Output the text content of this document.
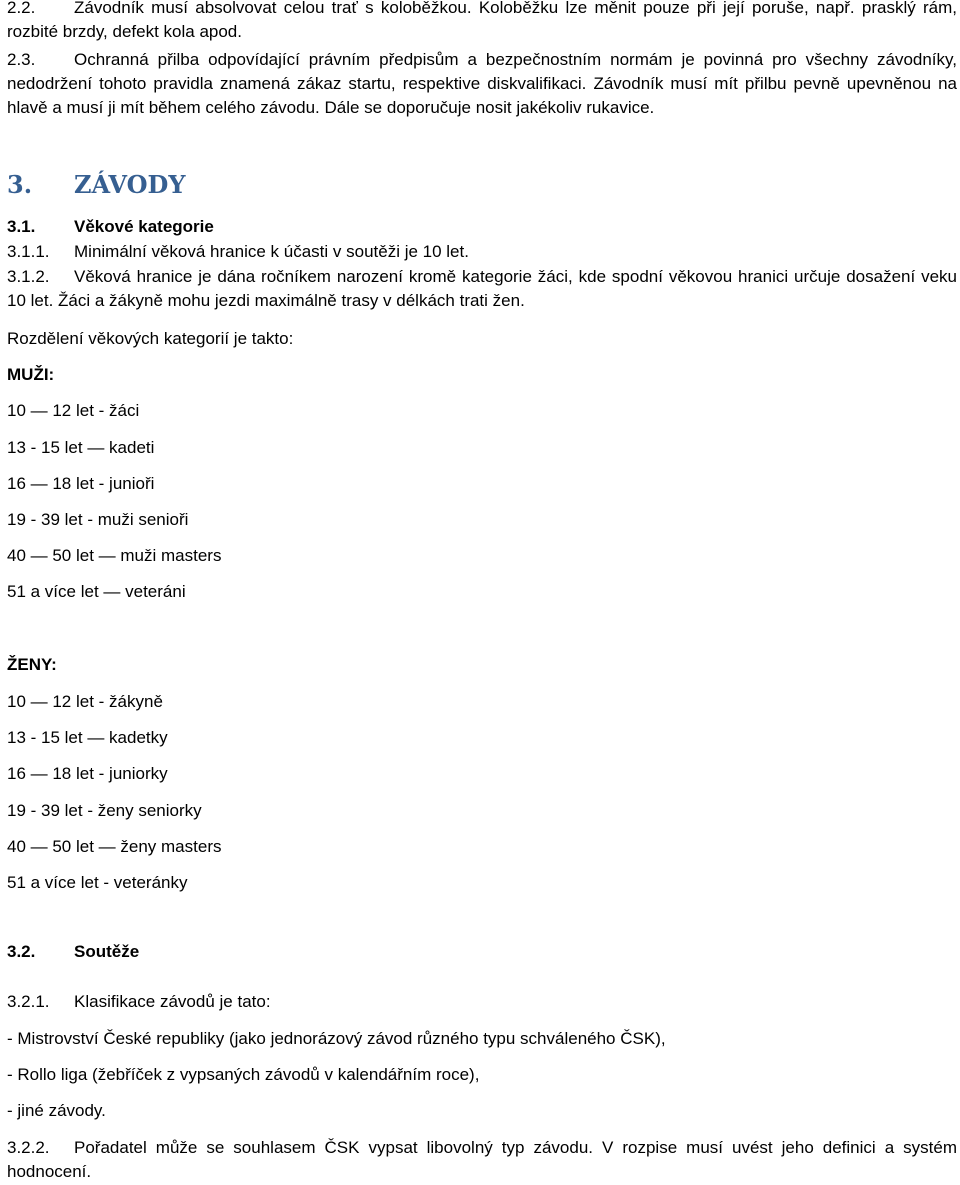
2.2. Závodník musí absolvovat celou trať s koloběžkou. Koloběžku lze měnit pouze při její poruše, např. prasklý rám, rozbité brzdy, defekt kola apod.
2.3. Ochranná přilba odpovídající právním předpisům a bezpečnostním normám je povinná pro všechny závodníky, nedodržení tohoto pravidla znamená zákaz startu, respektive diskvalifikaci. Závodník musí mít přilbu pevně upevněnou na hlavě a musí ji mít během celého závodu. Dále se doporučuje nosit jakékoliv rukavice.
3. ZÁVODY
3.1. Věkové kategorie
3.1.1. Minimální věková hranice k účasti v soutěži je 10 let.
3.1.2. Věková hranice je dána ročníkem narození kromě kategorie žáci, kde spodní věkovou hranici určuje dosažení veku 10 let. Žáci a žákyně mohu jezdi maximálně trasy v délkách trati žen.
Rozdělení věkových kategorií je takto:
MUŽI:
10 — 12 let - žáci
13 - 15 let — kadeti
16 — 18 let - junioři
19 - 39 let - muži senioři
40 — 50 let — muži masters
51 a více let — veteráni
ŽENY:
10 — 12 let - žákyně
13 - 15 let — kadetky
16 — 18 let - juniorky
19 - 39 let - ženy seniorky
40 — 50 let — ženy masters
51 a více let - veteránky
3.2. Soutěže
3.2.1. Klasifikace závodů je tato:
- Mistrovství České republiky (jako jednorázový závod různého typu schváleného ČSK),
- Rollo liga (žebříček z vypsaných závodů v kalendářním roce),
- jiné závody.
3.2.2. Pořadatel může se souhlasem ČSK vypsat libovolný typ závodu. V rozpise musí uvést jeho definici a systém hodnocení.
